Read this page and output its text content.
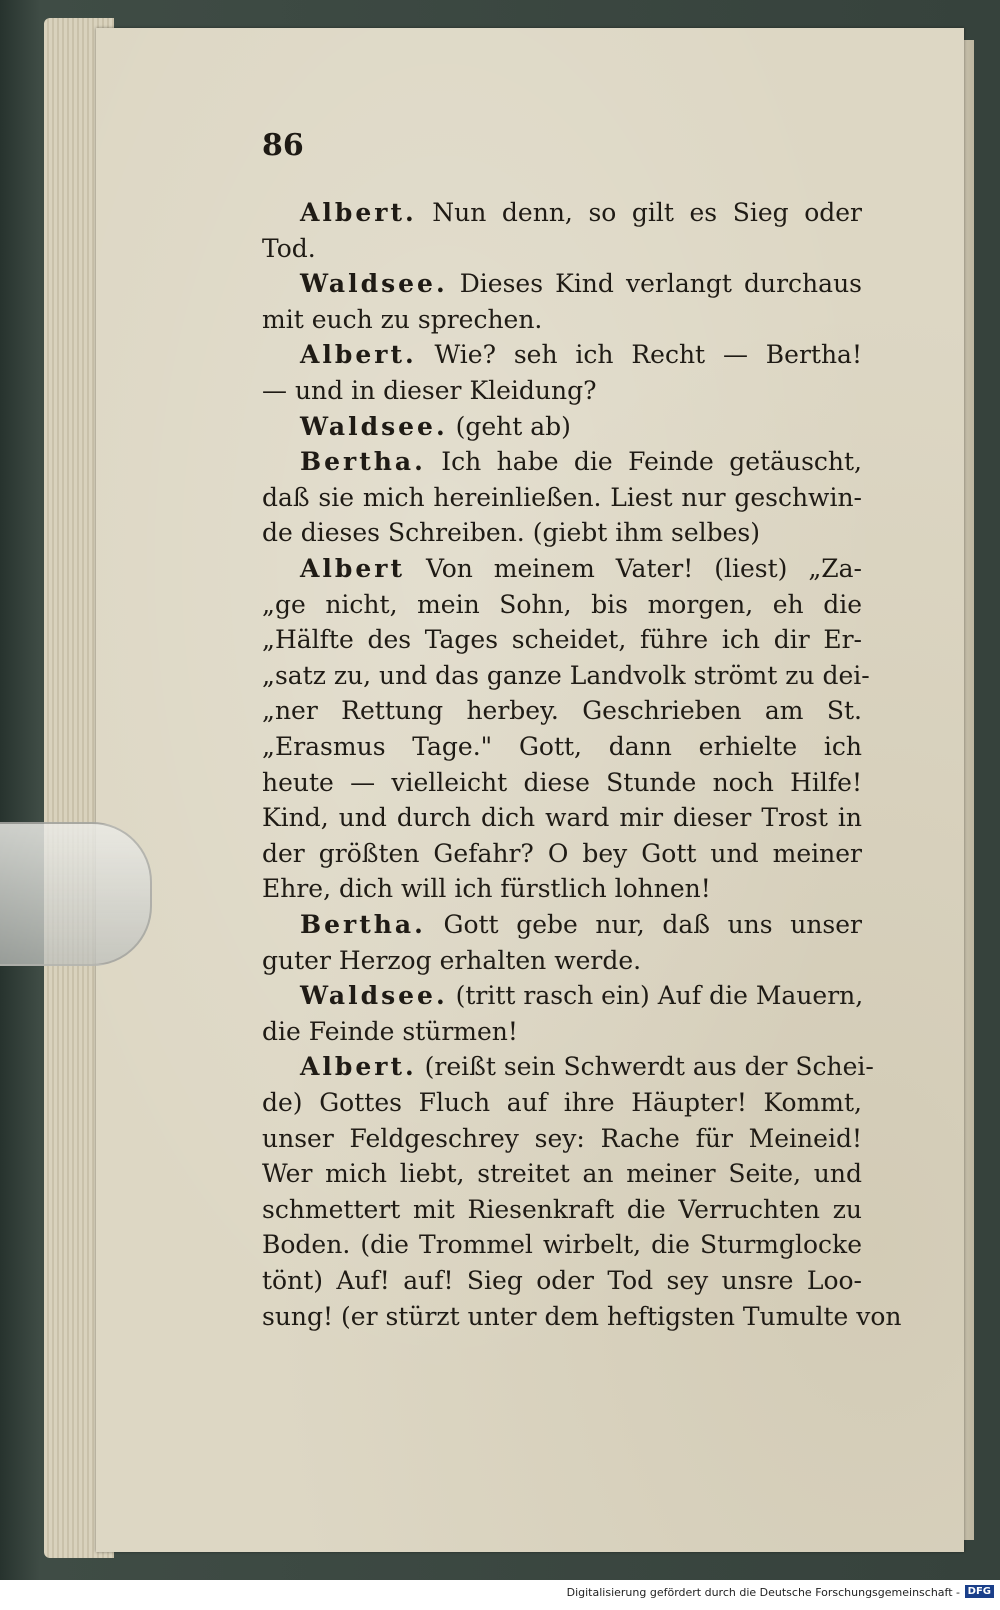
86
Albert. Nun denn, so gilt es Sieg oder
Tod.
Waldsee. Dieses Kind verlangt durchaus
mit euch zu sprechen.
Albert. Wie? seh ich Recht — Bertha!
— und in dieser Kleidung?
Waldsee. (geht ab)
Bertha. Ich habe die Feinde getäuscht,
daß sie mich hereinließen. Liest nur geschwin-
de dieses Schreiben. (giebt ihm selbes)
Albert Von meinem Vater! (liest) „Za-
„ge nicht, mein Sohn, bis morgen, eh die
„Hälfte des Tages scheidet, führe ich dir Er-
„satz zu, und das ganze Landvolk strömt zu dei-
„ner Rettung herbey. Geschrieben am St.
„Erasmus Tage." Gott, dann erhielte ich
heute — vielleicht diese Stunde noch Hilfe!
Kind, und durch dich ward mir dieser Trost in
der größten Gefahr? O bey Gott und meiner
Ehre, dich will ich fürstlich lohnen!
Bertha. Gott gebe nur, daß uns unser
guter Herzog erhalten werde.
Waldsee. (tritt rasch ein) Auf die Mauern,
die Feinde stürmen!
Albert. (reißt sein Schwerdt aus der Schei-
de) Gottes Fluch auf ihre Häupter! Kommt,
unser Feldgeschrey sey: Rache für Meineid!
Wer mich liebt, streitet an meiner Seite, und
schmettert mit Riesenkraft die Verruchten zu
Boden. (die Trommel wirbelt, die Sturmglocke
tönt) Auf! auf! Sieg oder Tod sey unsre Loo-
sung! (er stürzt unter dem heftigsten Tumulte von
Digitalisierung gefördert durch die Deutsche Forschungsgemeinschaft - DFG
